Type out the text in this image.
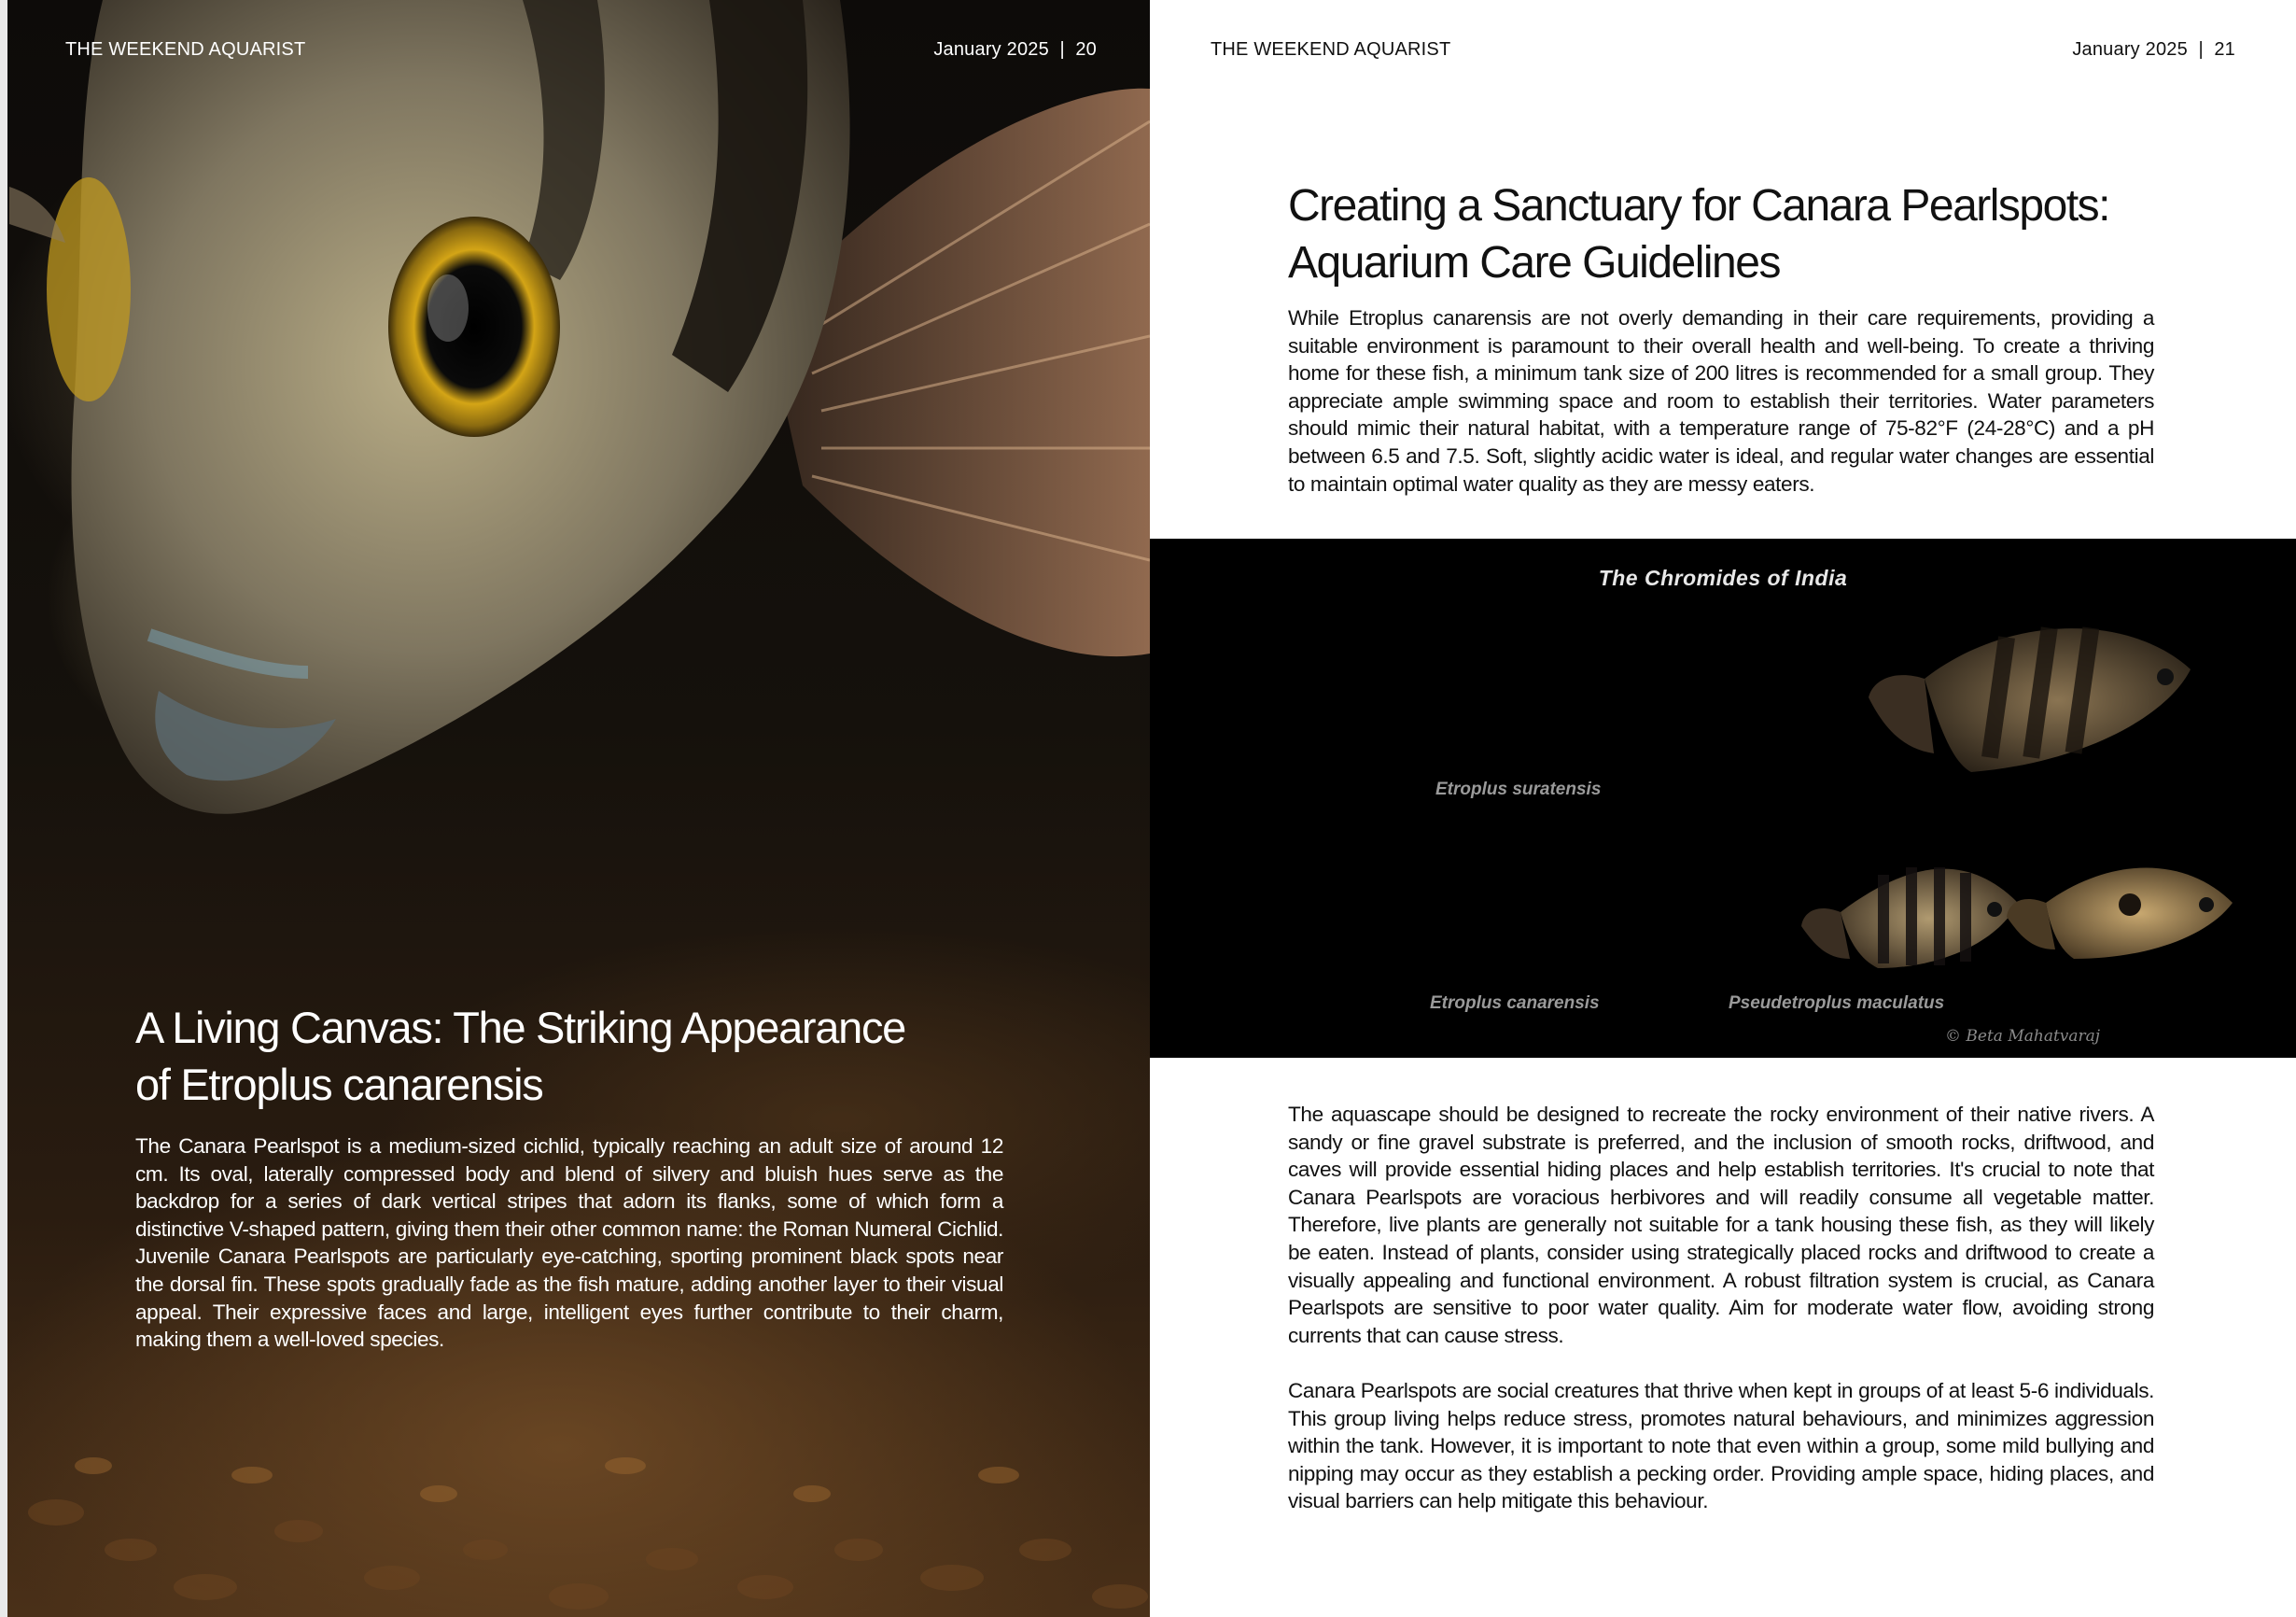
THE WEEKEND AQUARIST	January 2025  |  20
A Living Canvas: The Striking Appearance
of Etroplus canarensis

The Canara Pearlspot is a medium-sized cichlid, typically reaching an adult size of around 12 cm. Its oval, laterally compressed body and blend of silvery and bluish hues serve as the backdrop for a series of dark vertical stripes that adorn its flanks, some of which form a distinctive V-shaped pattern, giving them their other common name: the Roman Numeral Cichlid. Juvenile Canara Pearlspots are particularly eye-catching, sporting prominent black spots near the dorsal fin. These spots gradually fade as the fish mature, adding another layer to their visual appeal. Their expressive faces and large, intelligent eyes further contribute to their charm, making them a well-loved species.

THE WEEKEND AQUARIST	January 2025  |  21
Creating a Sanctuary for Canara Pearlspots:
Aquarium Care Guidelines

While Etroplus canarensis are not overly demanding in their care requirements, providing a suitable environment is paramount to their overall health and well-being. To create a thriving home for these fish, a minimum tank size of 200 litres is recommended for a small group. They appreciate ample swimming space and room to establish their territories. Water parameters should mimic their natural habitat, with a temperature range of 75-82°F (24-28°C) and a pH between 6.5 and 7.5. Soft, slightly acidic water is ideal, and regular water changes are essential to maintain optimal water quality as they are messy eaters.

The Chromides of India
Etroplus suratensis
Etroplus canarensis	Pseudetroplus maculatus
© Beta Mahatvaraj

The aquascape should be designed to recreate the rocky environment of their native rivers. A sandy or fine gravel substrate is preferred, and the inclusion of smooth rocks, driftwood, and caves will provide essential hiding places and help establish territories. It's crucial to note that Canara Pearlspots are voracious herbivores and will readily consume all vegetable matter. Therefore, live plants are generally not suitable for a tank housing these fish, as they will likely be eaten. Instead of plants, consider using strategically placed rocks and driftwood to create a visually appealing and functional environment. A robust filtration system is crucial, as Canara Pearlspots are sensitive to poor water quality. Aim for moderate water flow, avoiding strong currents that can cause stress.

Canara Pearlspots are social creatures that thrive when kept in groups of at least 5-6 individuals. This group living helps reduce stress, promotes natural behaviours, and minimizes aggression within the tank. However, it is important to note that even within a group, some mild bullying and nipping may occur as they establish a pecking order. Providing ample space, hiding places, and visual barriers can help mitigate this behaviour.
